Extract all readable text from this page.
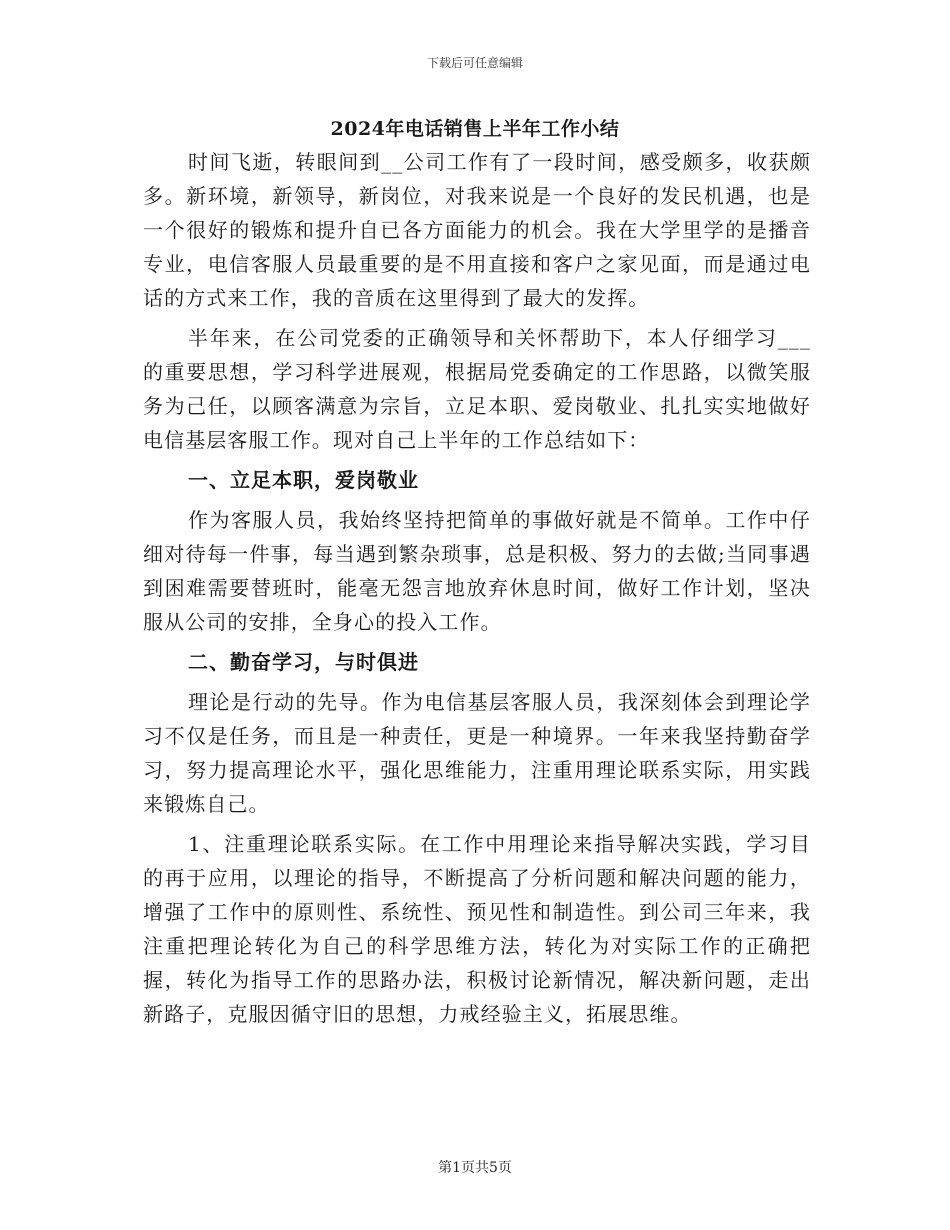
下载后可任意编辑
2024年电话销售上半年工作小结

时间飞逝，转眼间到__公司工作有了一段时间，感受颇多，收获颇多。新环境，新领导，新岗位，对我来说是一个良好的发民机遇，也是一个很好的锻炼和提升自已各方面能力的机会。我在大学里学的是播音专业，电信客服人员最重要的是不用直接和客户之家见面，而是通过电话的方式来工作，我的音质在这里得到了最大的发挥。

半年来，在公司党委的正确领导和关怀帮助下，本人仔细学习___的重要思想，学习科学进展观，根据局党委确定的工作思路，以微笑服务为己任，以顾客满意为宗旨，立足本职、爱岗敬业、扎扎实实地做好电信基层客服工作。现对自己上半年的工作总结如下：

一、立足本职，爱岗敬业

作为客服人员，我始终坚持把简单的事做好就是不简单。工作中仔细对待每一件事，每当遇到繁杂琐事，总是积极、努力的去做;当同事遇到困难需要替班时，能毫无怨言地放弃休息时间，做好工作计划，坚决服从公司的安排，全身心的投入工作。

二、勤奋学习，与时俱进

理论是行动的先导。作为电信基层客服人员，我深刻体会到理论学习不仅是任务，而且是一种责任，更是一种境界。一年来我坚持勤奋学习，努力提高理论水平，强化思维能力，注重用理论联系实际，用实践来锻炼自己。

1、注重理论联系实际。在工作中用理论来指导解决实践，学习目的再于应用，以理论的指导，不断提高了分析问题和解决问题的能力，增强了工作中的原则性、系统性、预见性和制造性。到公司三年来，我注重把理论转化为自己的科学思维方法，转化为对实际工作的正确把握，转化为指导工作的思路办法，积极讨论新情况，解决新问题，走出新路子，克服因循守旧的思想，力戒经验主义，拓展思维。

第1页共5页
